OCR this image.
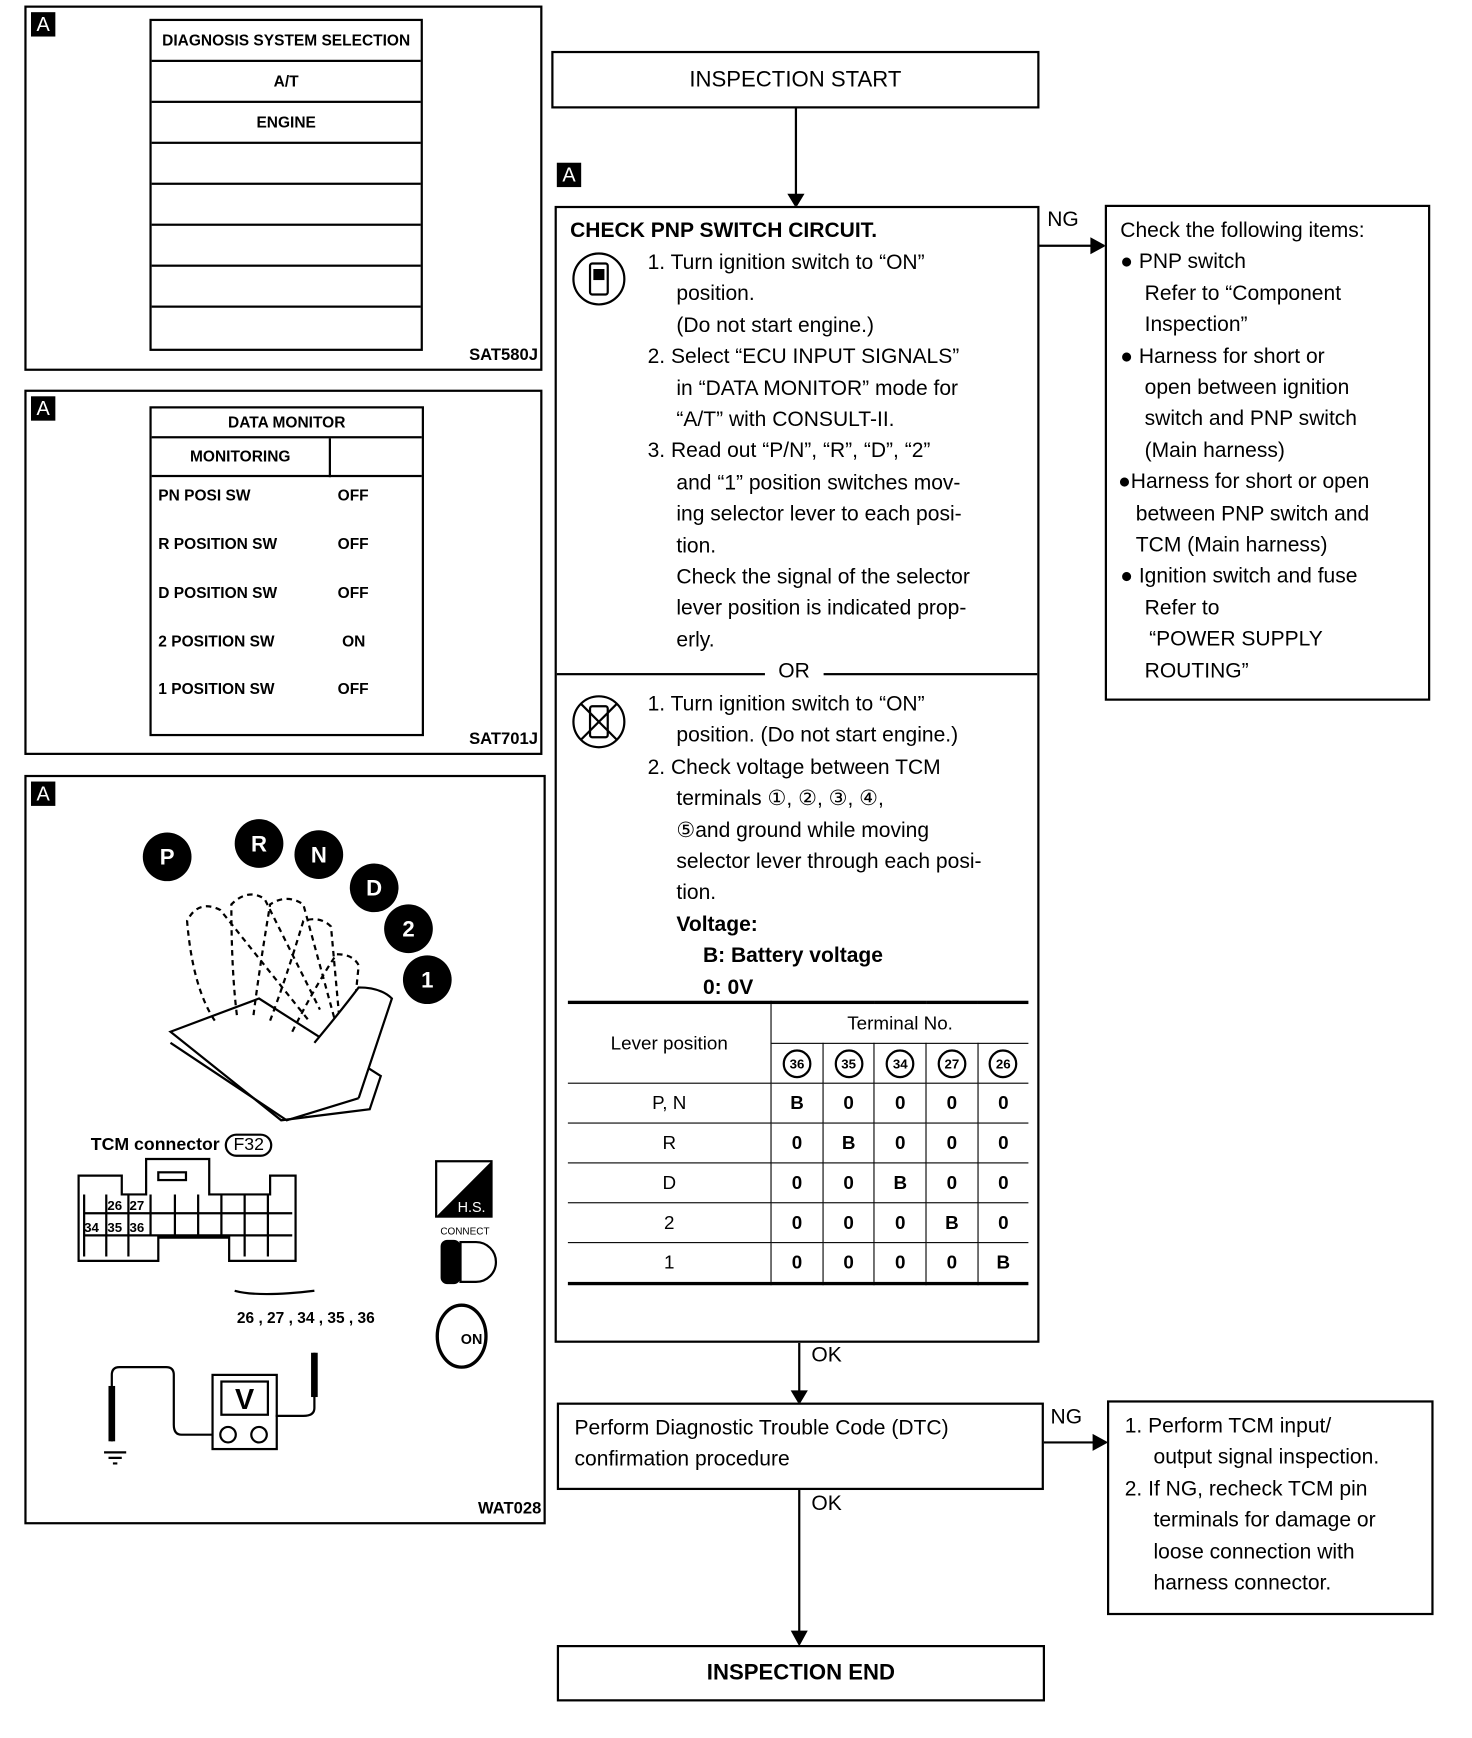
A
DIAGNOSIS SYSTEM SELECTION
A/T
ENGINE
SAT580J
A
DATA MONITOR
MONITORING
PN POSI SW	OFF
R POSITION SW	OFF
D POSITION SW	OFF
2 POSITION SW	ON
1 POSITION SW	OFF
SAT701J
A
P
R N
D
2
1
26 27
34 35 36
V
H.S.
CONNECT
ON
TCM connector F32
26 , 27 , 34 , 35 , 36
WAT028
INSPECTION START
A
NG
OK
NG
OK
CHECK PNP SWITCH CIRCUIT.
1. Turn ignition switch to “ON”
position.
(Do not start engine.)
2. Select “ECU INPUT SIGNALS”
in “DATA MONITOR” mode for
“A/T” with CONSULT-II.
3. Read out “P/N”, “R”, “D”, “2”
and “1” position switches mov-
ing selector lever to each posi-
tion.
Check the signal of the selector
lever position is indicated prop-
erly.
OR
1. Turn ignition switch to “ON”
position. (Do not start engine.)
2. Check voltage between TCM
terminals ①, ②, ③, ④,
⑤and ground while moving
selector lever through each posi-
tion.
Voltage:
B: Battery voltage
0: 0V
Lever position	Terminal No.				
	36	35	34	27	26
P, N	B	0	0	0	0
R	0	B	0	0	0
D	0	0	B	0	0
2	0	0	0	B	0
1	0	0	0	0	B
Check the following items:
● PNP switch
Refer to “Component
Inspection”
● Harness for short or
open between ignition
switch and PNP switch
(Main harness)
●Harness for short or open
between PNP switch and
TCM (Main harness)
● Ignition switch and fuse
Refer to
“POWER SUPPLY
ROUTING”
Perform Diagnostic Trouble Code (DTC)
confirmation procedure
1. Perform TCM input/
output signal inspection.
2. If NG, recheck TCM pin
terminals for damage or
loose connection with
harness connector.
INSPECTION END
